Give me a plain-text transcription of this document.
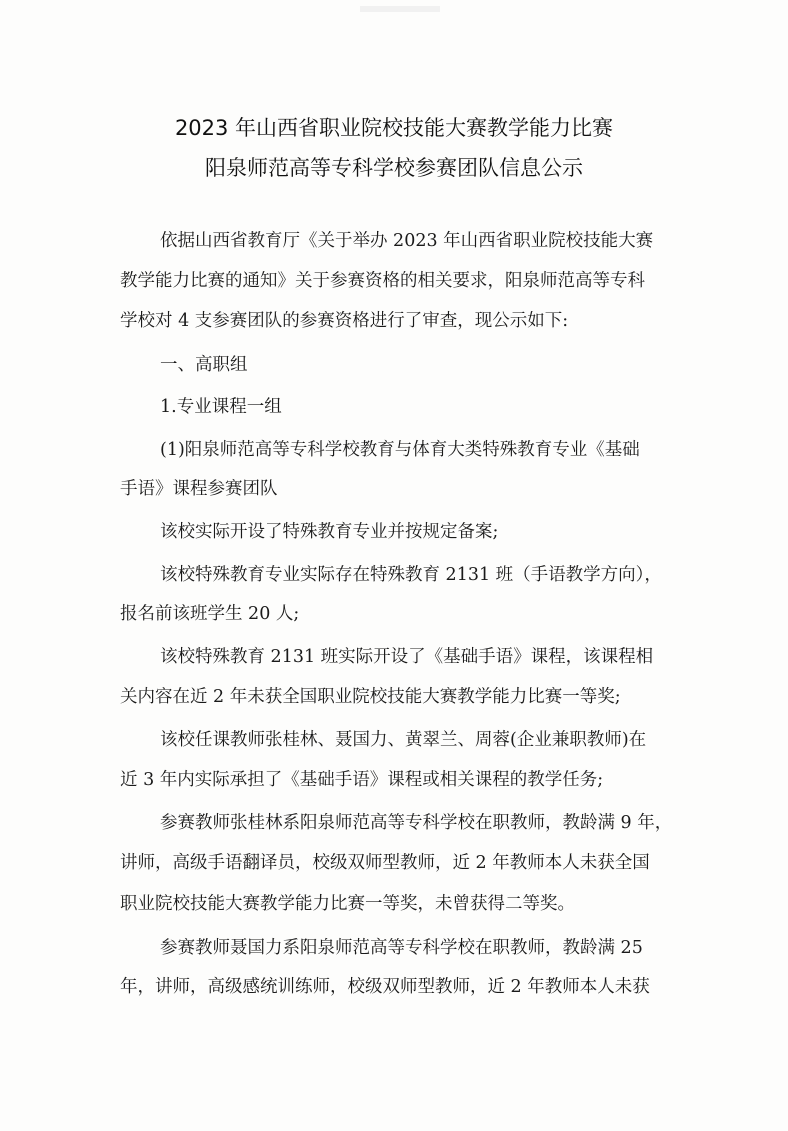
2023 年山西省职业院校技能大赛教学能力比赛
阳泉师范高等专科学校参赛团队信息公示
依据山西省教育厅《关于举办 2023 年山西省职业院校技能大赛
教学能力比赛的通知》关于参赛资格的相关要求，阳泉师范高等专科
学校对 4 支参赛团队的参赛资格进行了审查，现公示如下:
一、高职组
1.专业课程一组
(1)阳泉师范高等专科学校教育与体育大类特殊教育专业《基础
手语》课程参赛团队
该校实际开设了特殊教育专业并按规定备案;
该校特殊教育专业实际存在特殊教育 2131 班（手语教学方向），
报名前该班学生 20 人;
该校特殊教育 2131 班实际开设了《基础手语》课程，该课程相
关内容在近 2 年未获全国职业院校技能大赛教学能力比赛一等奖;
该校任课教师张桂林、聂国力、黄翠兰、周蓉(企业兼职教师)在
近 3 年内实际承担了《基础手语》课程或相关课程的教学任务;
参赛教师张桂林系阳泉师范高等专科学校在职教师，教龄满 9 年，
讲师，高级手语翻译员，校级双师型教师，近 2 年教师本人未获全国
职业院校技能大赛教学能力比赛一等奖，未曾获得二等奖。
参赛教师聂国力系阳泉师范高等专科学校在职教师，教龄满 25
年，讲师，高级感统训练师，校级双师型教师，近 2 年教师本人未获
